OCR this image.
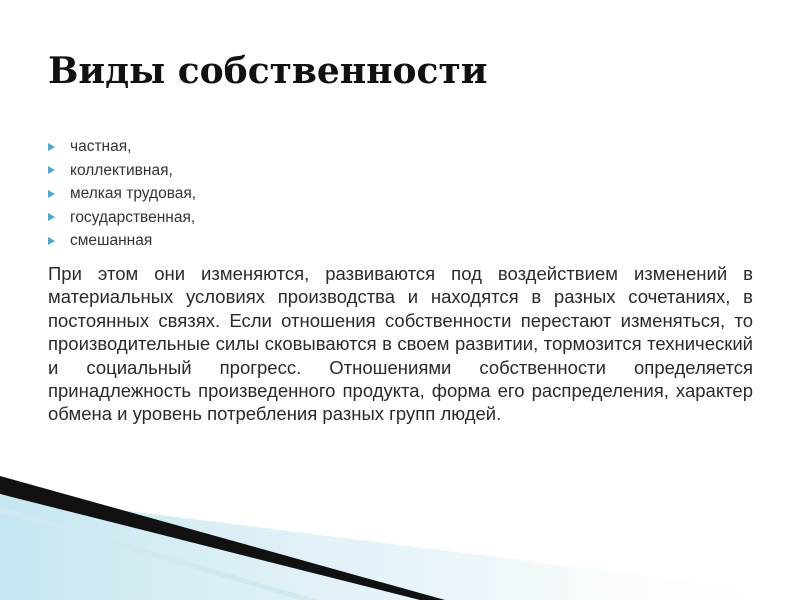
Виды собственности
частная,
коллективная,
мелкая трудовая,
государственная,
смешанная

При этом они изменяются, развиваются под воздействием изменений в материальных условиях производства и находятся в разных сочетаниях, в постоянных связях. Если отношения собственности перестают изменяться, то производительные силы сковываются в своем развитии, тормозится технический и социальный прогресс. Отношениями собственности определяется принадлежность произведенного продукта, форма его распределения, характер обмена и уровень потребления разных групп людей.
